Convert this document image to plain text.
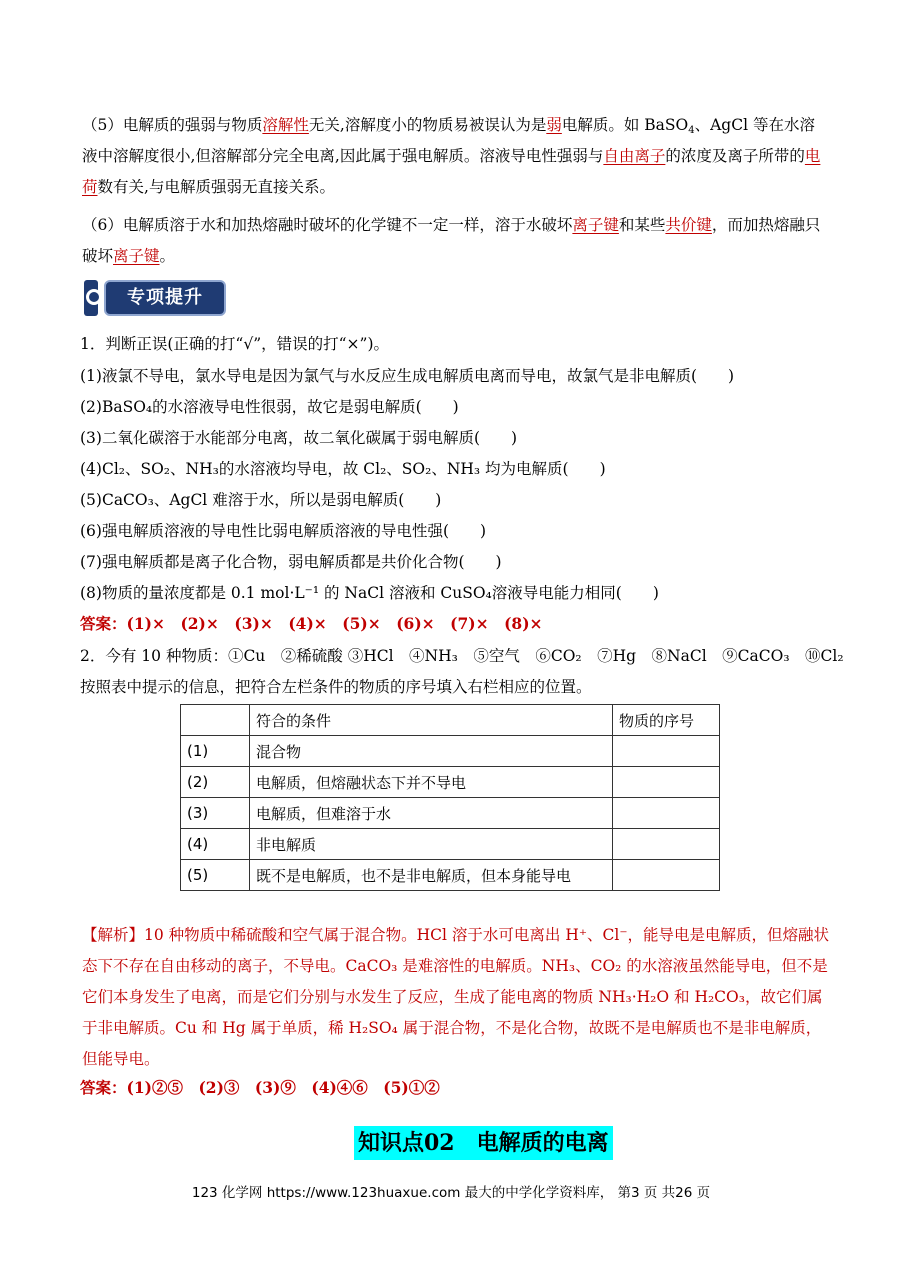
（5）电解质的强弱与物质溶解性无关,溶解度小的物质易被误认为是弱电解质。如 BaSO$_4$、AgCl 等在水溶液中溶解度很小,但溶解部分完全电离,因此属于强电解质。溶液导电性强弱与自由离子的浓度及离子所带的电荷数有关,与电解质强弱无直接关系。
（6）电解质溶于水和加热熔融时破坏的化学键不一定一样，溶于水破坏离子键和某些共价键，而加热熔融只破坏离子键。
专项提升
1．判断正误(正确的打“√”，错误的打“×”)。
(1)液氯不导电，氯水导电是因为氯气与水反应生成电解质电离而导电，故氯气是非电解质(　　)
(2)BaSO₄的水溶液导电性很弱，故它是弱电解质(　　)
(3)二氧化碳溶于水能部分电离，故二氧化碳属于弱电解质(　　)
(4)Cl₂、SO₂、NH₃的水溶液均导电，故 Cl₂、SO₂、NH₃ 均为电解质(　　)
(5)CaCO₃、AgCl 难溶于水，所以是弱电解质(　　)
(6)强电解质溶液的导电性比弱电解质溶液的导电性强(　　)
(7)强电解质都是离子化合物，弱电解质都是共价化合物(　　)
(8)物质的量浓度都是 0.1 mol·L⁻¹ 的 NaCl 溶液和 CuSO₄溶液导电能力相同(　　)
答案：(1)×　(2)×　(3)×　(4)×　(5)×　(6)×　(7)×　(8)×
2．今有 10 种物质：①Cu　②稀硫酸 ③HCl　④NH₃　⑤空气　⑥CO₂　⑦Hg　⑧NaCl　⑨CaCO₃　⑩Cl₂
按照表中提示的信息，把符合左栏条件的物质的序号填入右栏相应的位置。
	符合的条件	物质的序号
(1)	混合物	
(2)	电解质，但熔融状态下并不导电	
(3)	电解质，但难溶于水	
(4)	非电解质	
(5)	既不是电解质，也不是非电解质，但本身能导电	
【解析】10 种物质中稀硫酸和空气属于混合物。HCl 溶于水可电离出 H⁺、Cl⁻，能导电是电解质，但熔融状态下不存在自由移动的离子，不导电。CaCO₃ 是难溶性的电解质。NH₃、CO₂ 的水溶液虽然能导电，但不是它们本身发生了电离，而是它们分别与水发生了反应，生成了能电离的物质 NH₃·H₂O 和 H₂CO₃，故它们属于非电解质。Cu 和 Hg 属于单质，稀 H₂SO₄ 属于混合物，不是化合物，故既不是电解质也不是非电解质，但能导电。
答案：(1)②⑤　(2)③　(3)⑨　(4)④⑥　(5)①②
知识点02　电解质的电离
123 化学网 https://www.123huaxue.com 最大的中学化学资料库， 第3 页 共26 页
